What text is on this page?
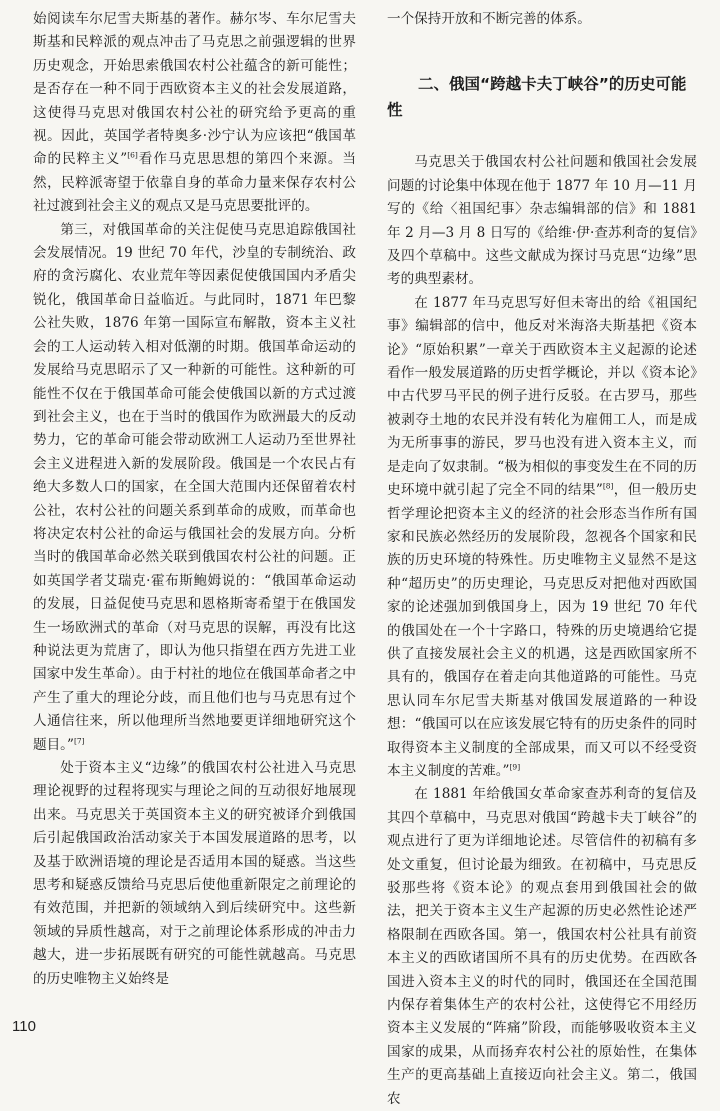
始阅读车尔尼雪夫斯基的著作。赫尔岑、车尔尼雪夫斯基和民粹派的观点冲击了马克思之前强逻辑的世界历史观念，开始思索俄国农村公社蕴含的新可能性；是否存在一种不同于西欧资本主义的社会发展道路，这使得马克思对俄国农村公社的研究给予更高的重视。因此，英国学者特奥多·沙宁认为应该把“俄国革命的民粹主义”[6]看作马克思思想的第四个来源。当然，民粹派寄望于依靠自身的革命力量来保存农村公社过渡到社会主义的观点又是马克思要批评的。

第三，对俄国革命的关注促使马克思追踪俄国社会发展情况。19 世纪 70 年代，沙皇的专制统治、政府的贪污腐化、农业荒年等因素促使俄国国内矛盾尖锐化，俄国革命日益临近。与此同时，1871 年巴黎公社失败，1876 年第一国际宣布解散，资本主义社会的工人运动转入相对低潮的时期。俄国革命运动的发展给马克思昭示了又一种新的可能性。这种新的可能性不仅在于俄国革命可能会使俄国以新的方式过渡到社会主义，也在于当时的俄国作为欧洲最大的反动势力，它的革命可能会带动欧洲工人运动乃至世界社会主义进程进入新的发展阶段。俄国是一个农民占有绝大多数人口的国家，在全国大范围内还保留着农村公社，农村公社的问题关系到革命的成败，而革命也将决定农村公社的命运与俄国社会的发展方向。分析当时的俄国革命必然关联到俄国农村公社的问题。正如英国学者艾瑞克·霍布斯鲍姆说的：“俄国革命运动的发展，日益促使马克思和恩格斯寄希望于在俄国发生一场欧洲式的革命（对马克思的误解，再没有比这种说法更为荒唐了，即认为他只指望在西方先进工业国家中发生革命）。由于村社的地位在俄国革命者之中产生了重大的理论分歧，而且他们也与马克思有过个人通信往来，所以他理所当然地要更详细地研究这个题目。”[7]

处于资本主义“边缘”的俄国农村公社进入马克思理论视野的过程将现实与理论之间的互动很好地展现出来。马克思关于英国资本主义的研究被译介到俄国后引起俄国政治活动家关于本国发展道路的思考，以及基于欧洲语境的理论是否适用本国的疑惑。当这些思考和疑惑反馈给马克思后使他重新限定之前理论的有效范围，并把新的领域纳入到后续研究中。这些新领域的异质性越高，对于之前理论体系形成的冲击力越大，进一步拓展既有研究的可能性就越高。马克思的历史唯物主义始终是

一个保持开放和不断完善的体系。

二、俄国“跨越卡夫丁峡谷”的历史可能性

马克思关于俄国农村公社问题和俄国社会发展问题的讨论集中体现在他于 1877 年 10 月—11 月写的《给〈祖国纪事〉杂志编辑部的信》和 1881 年 2 月—3 月 8 日写的《给维·伊·查苏利奇的复信》及四个草稿中。这些文献成为探讨马克思“边缘”思考的典型素材。

在 1877 年马克思写好但未寄出的给《祖国纪事》编辑部的信中，他反对米海洛夫斯基把《资本论》“原始积累”一章关于西欧资本主义起源的论述看作一般发展道路的历史哲学概论，并以《资本论》中古代罗马平民的例子进行反驳。在古罗马，那些被剥夺土地的农民并没有转化为雇佣工人，而是成为无所事事的游民，罗马也没有进入资本主义，而是走向了奴隶制。“极为相似的事变发生在不同的历史环境中就引起了完全不同的结果”[8]，但一般历史哲学理论把资本主义的经济的社会形态当作所有国家和民族必然经历的发展阶段，忽视各个国家和民族的历史环境的特殊性。历史唯物主义显然不是这种“超历史”的历史理论，马克思反对把他对西欧国家的论述强加到俄国身上，因为 19 世纪 70 年代的俄国处在一个十字路口，特殊的历史境遇给它提供了直接发展社会主义的机遇，这是西欧国家所不具有的，俄国存在着走向其他道路的可能性。马克思认同车尔尼雪夫斯基对俄国发展道路的一种设想：“俄国可以在应该发展它特有的历史条件的同时取得资本主义制度的全部成果，而又可以不经受资本主义制度的苦难。”[9]

在 1881 年给俄国女革命家查苏利奇的复信及其四个草稿中，马克思对俄国“跨越卡夫丁峡谷”的观点进行了更为详细地论述。尽管信件的初稿有多处文重复，但讨论最为细致。在初稿中，马克思反驳那些将《资本论》的观点套用到俄国社会的做法，把关于资本主义生产起源的历史必然性论述严格限制在西欧各国。第一，俄国农村公社具有前资本主义的西欧诸国所不具有的历史优势。在西欧各国进入资本主义的时代的同时，俄国还在全国范围内保存着集体生产的农村公社，这使得它不用经历资本主义发展的“阵痛”阶段，而能够吸收资本主义国家的成果，从而扬弃农村公社的原始性，在集体生产的更高基础上直接迈向社会主义。第二，俄国农

110
